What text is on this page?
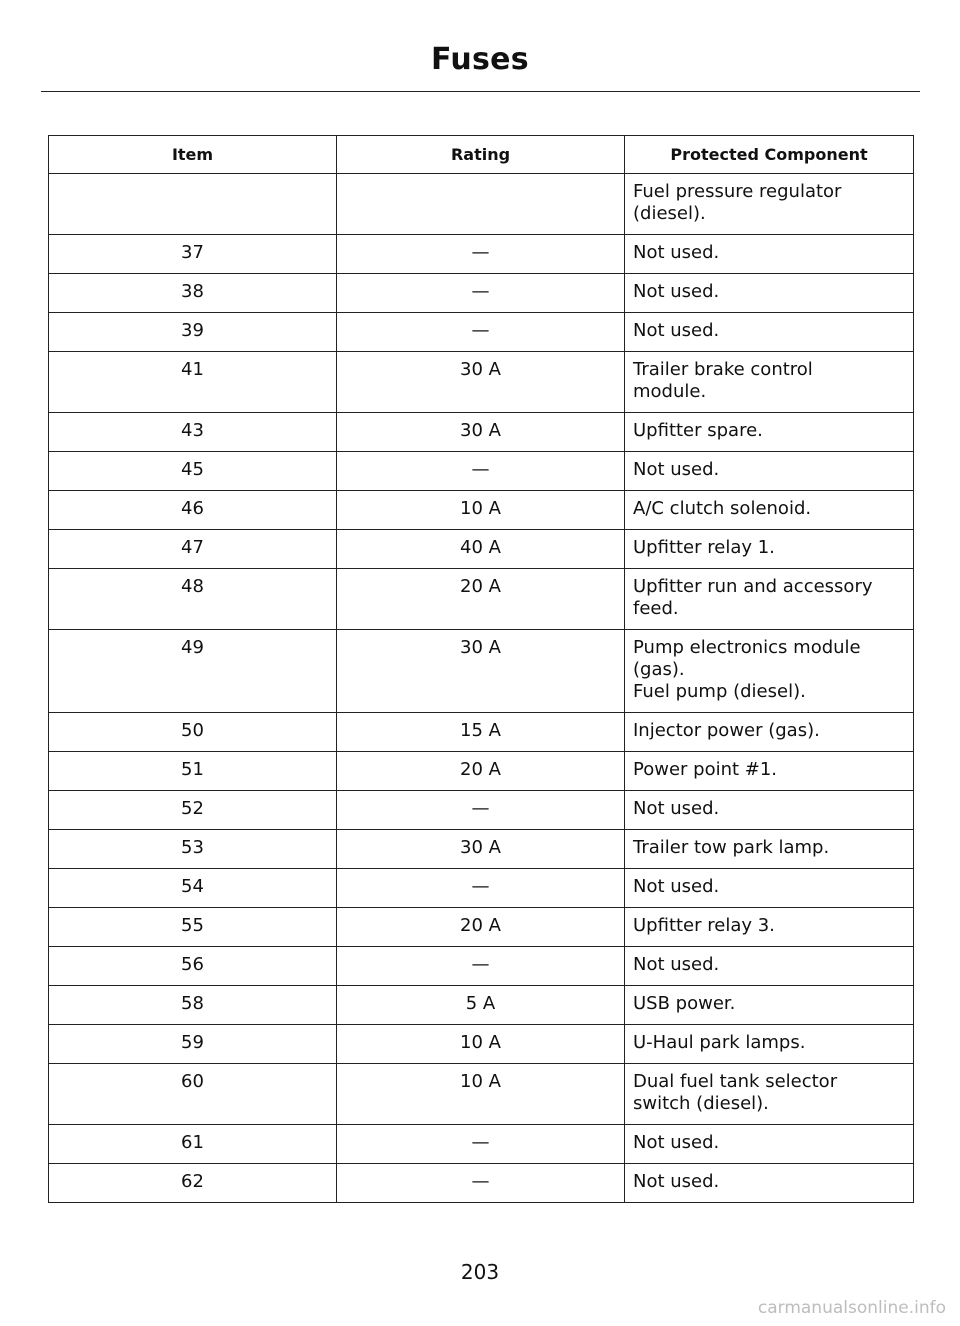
Fuses
Item	Rating	Protected Component

		Fuel pressure regulator
(diesel).

37	—	Not used.

38	—	Not used.

39	—	Not used.

41	30 A	Trailer brake control
module.

43	30 A	Upfitter spare.

45	—	Not used.

46	10 A	A/C clutch solenoid.

47	40 A	Upfitter relay 1.

48	20 A	Upfitter run and accessory
feed.

49	30 A	Pump electronics module
(gas).
Fuel pump (diesel).

50	15 A	Injector power (gas).

51	20 A	Power point #1.

52	—	Not used.

53	30 A	Trailer tow park lamp.

54	—	Not used.

55	20 A	Upfitter relay 3.

56	—	Not used.

58	5 A	USB power.

59	10 A	U-Haul park lamps.

60	10 A	Dual fuel tank selector
switch (diesel).

61	—	Not used.

62	—	Not used.
203
carmanualsonline.info
